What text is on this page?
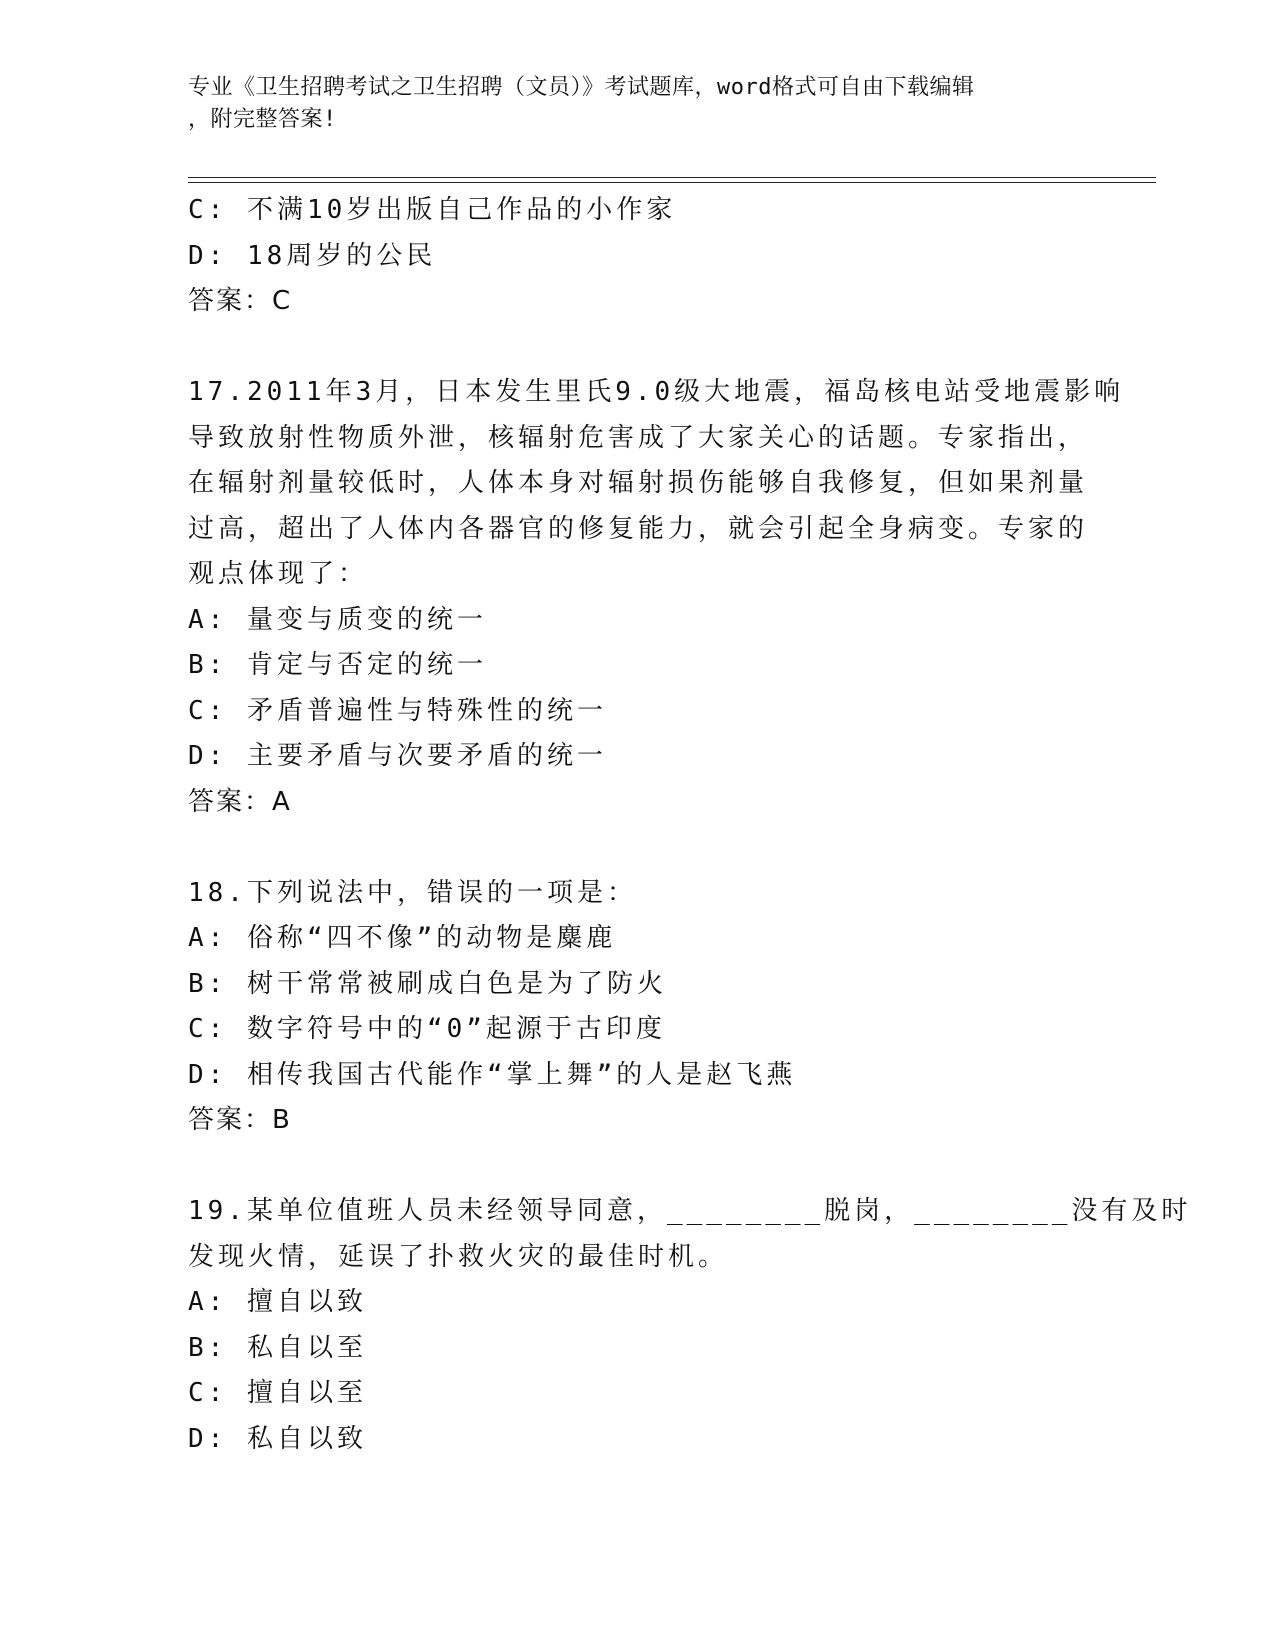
专业《卫生招聘考试之卫生招聘（文员）》考试题库，word格式可自由下载编辑
，附完整答案!

C: 不满10岁出版自己作品的小作家

D: 18周岁的公民

答案：C

17.2011年3月，日本发生里氏9.0级大地震，福岛核电站受地震影响

导致放射性物质外泄，核辐射危害成了大家关心的话题。专家指出，

在辐射剂量较低时，人体本身对辐射损伤能够自我修复，但如果剂量

过高，超出了人体内各器官的修复能力，就会引起全身病变。专家的

观点体现了：

A: 量变与质变的统一

B: 肯定与否定的统一

C: 矛盾普遍性与特殊性的统一

D: 主要矛盾与次要矛盾的统一

答案：A

18.下列说法中，错误的一项是：

A: 俗称“四不像”的动物是麋鹿

B: 树干常常被刷成白色是为了防火

C: 数字符号中的“0”起源于古印度

D: 相传我国古代能作“掌上舞”的人是赵飞燕

答案：B

19.某单位值班人员未经领导同意，________脱岗，________没有及时

发现火情，延误了扑救火灾的最佳时机。

A: 擅自以致

B: 私自以至

C: 擅自以至

D: 私自以致
